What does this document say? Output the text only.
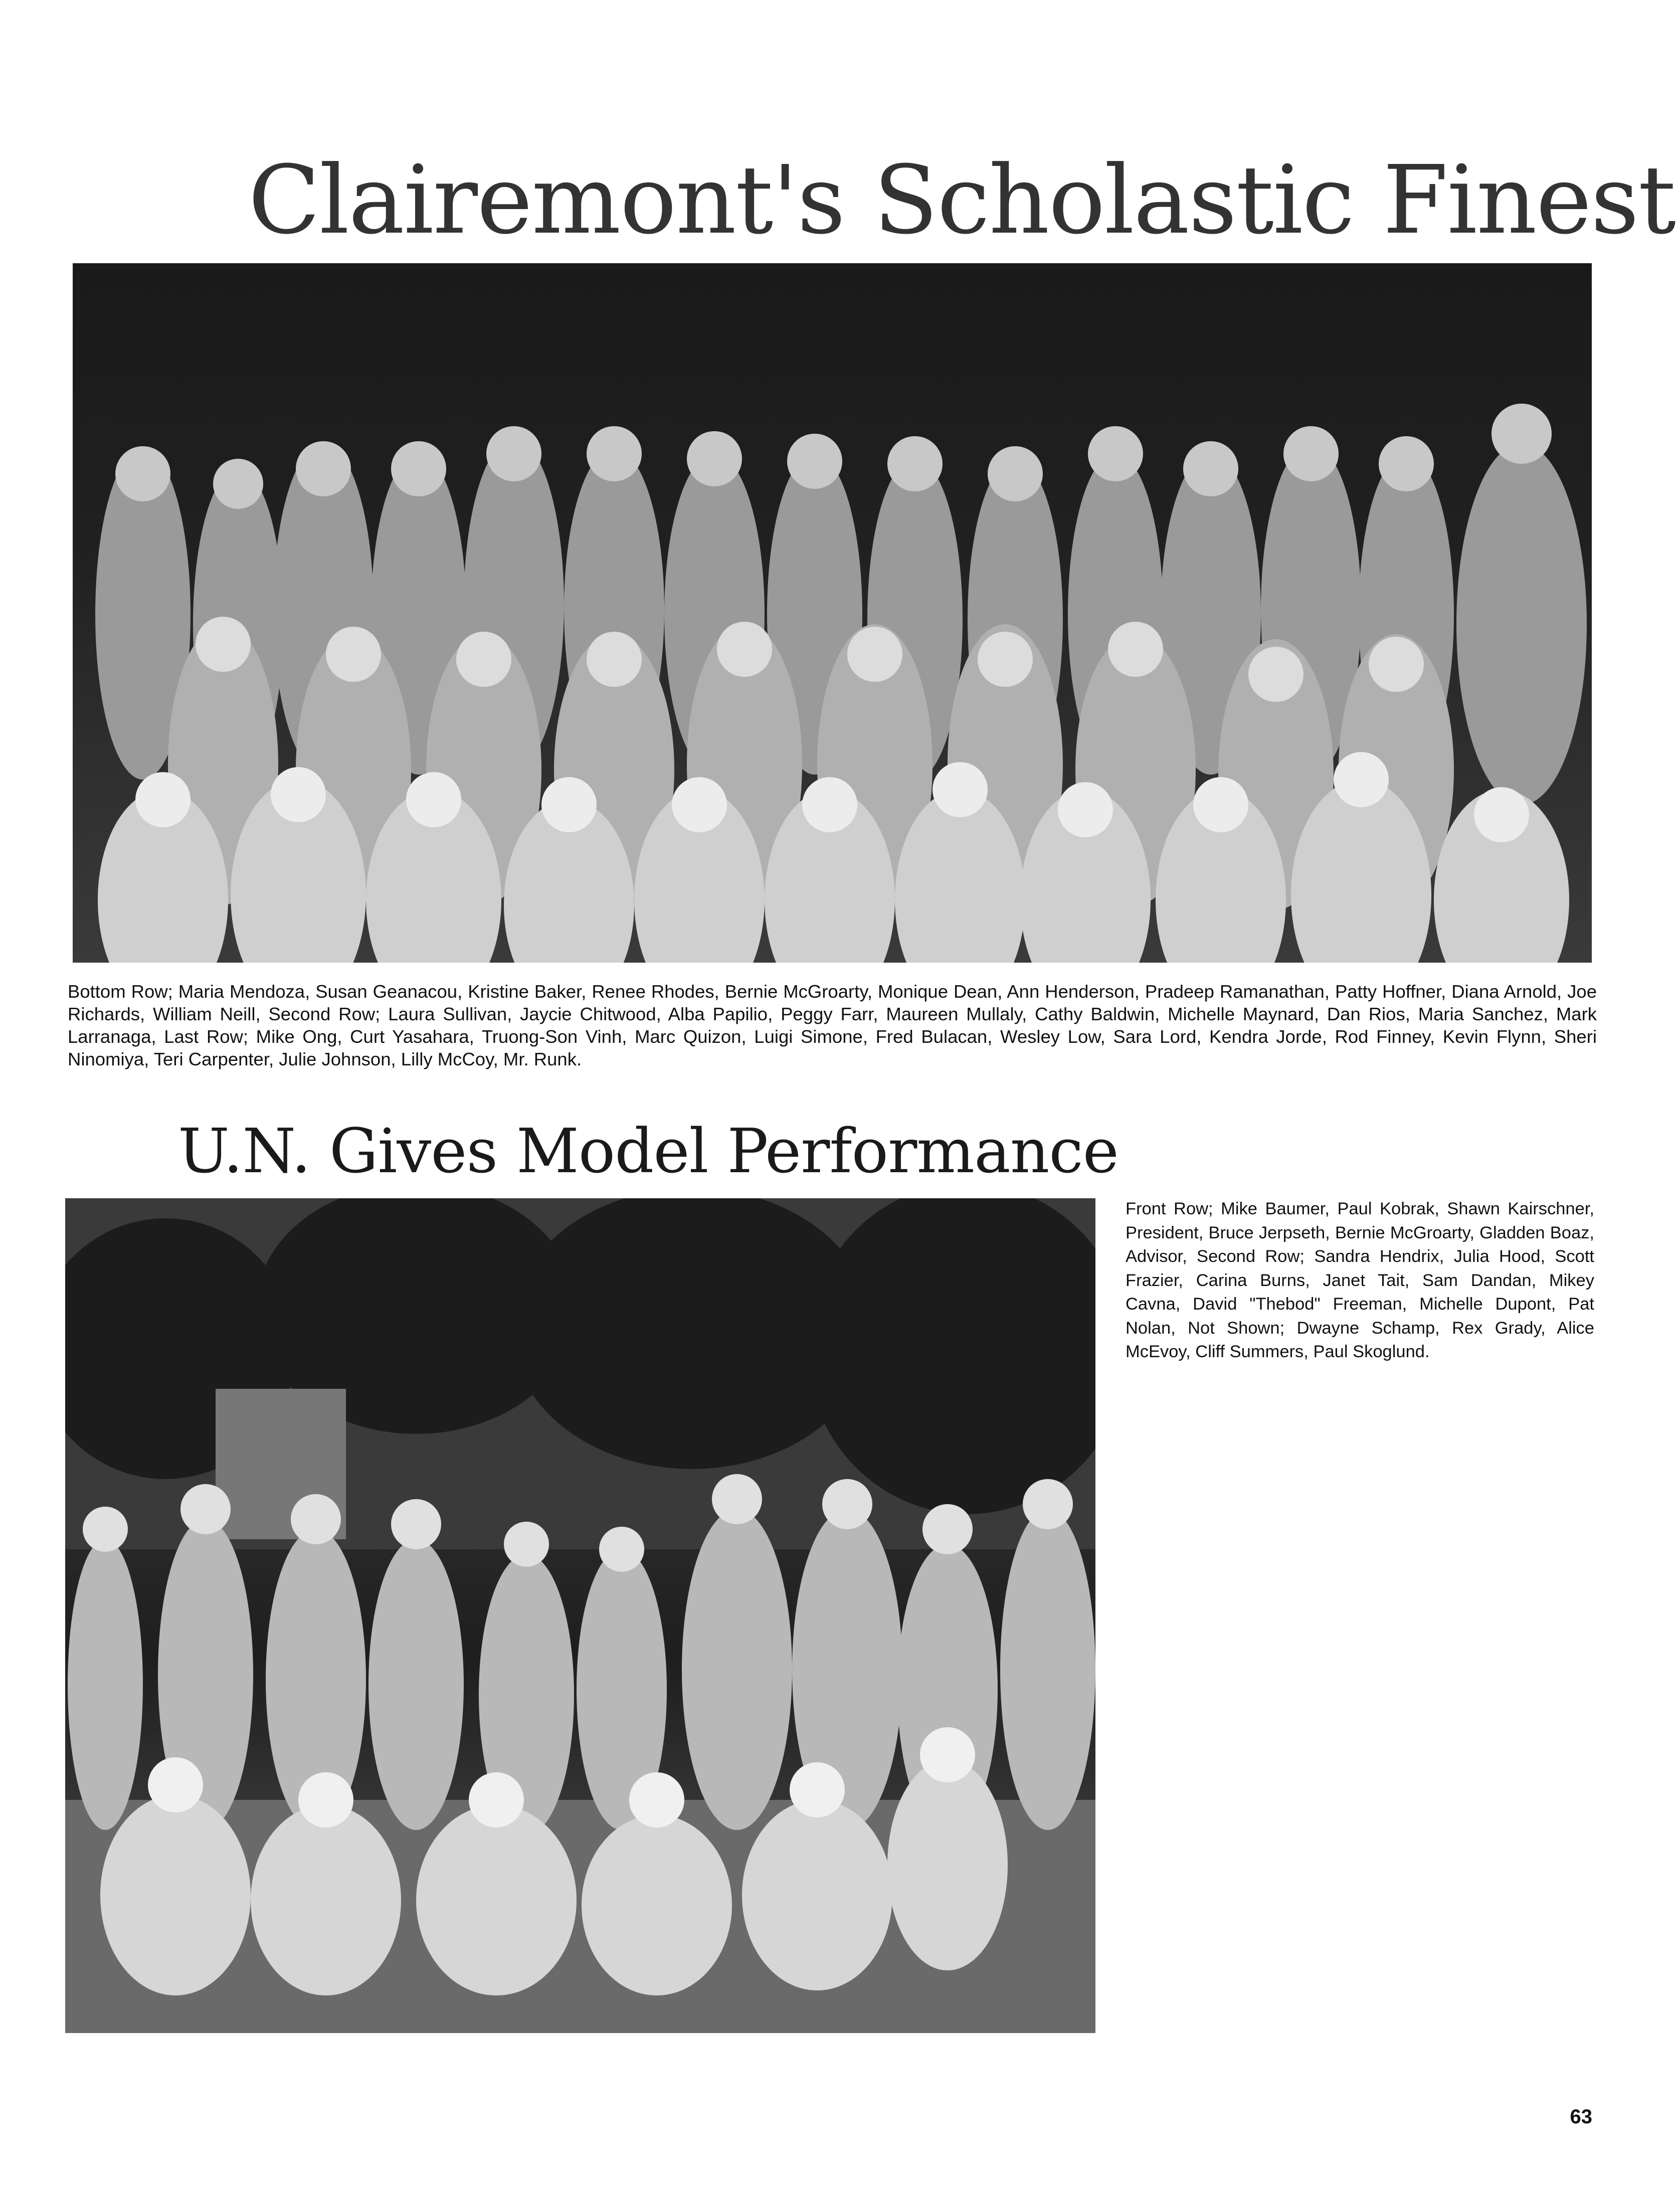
Clairemont's Scholastic Finest

Bottom Row; Maria Mendoza, Susan Geanacou, Kristine Baker, Renee Rhodes, Bernie McGroarty, Monique Dean, Ann Henderson, Pradeep Ramanathan, Patty Hoffner, Diana Arnold, Joe Richards, William Neill, Second Row; Laura Sullivan, Jaycie Chitwood, Alba Papilio, Peggy Farr, Maureen Mullaly, Cathy Baldwin, Michelle Maynard, Dan Rios, Maria Sanchez, Mark Larranaga, Last Row; Mike Ong, Curt Yasahara, Truong-Son Vinh, Marc Quizon, Luigi Simone, Fred Bulacan, Wesley Low, Sara Lord, Kendra Jorde, Rod Finney, Kevin Flynn, Sheri Ninomiya, Teri Carpenter, Julie Johnson, Lilly McCoy, Mr. Runk.

U.N. Gives Model Performance

Front Row; Mike Baumer, Paul Kobrak, Shawn Kairschner, President, Bruce Jerpseth, Bernie McGroarty, Gladden Boaz, Advisor, Second Row; Sandra Hendrix, Julia Hood, Scott Frazier, Carina Burns, Janet Tait, Sam Dandan, Mikey Cavna, David "Thebod" Freeman, Michelle Dupont, Pat Nolan, Not Shown; Dwayne Schamp, Rex Grady, Alice McEvoy, Cliff Summers, Paul Skoglund.

63
